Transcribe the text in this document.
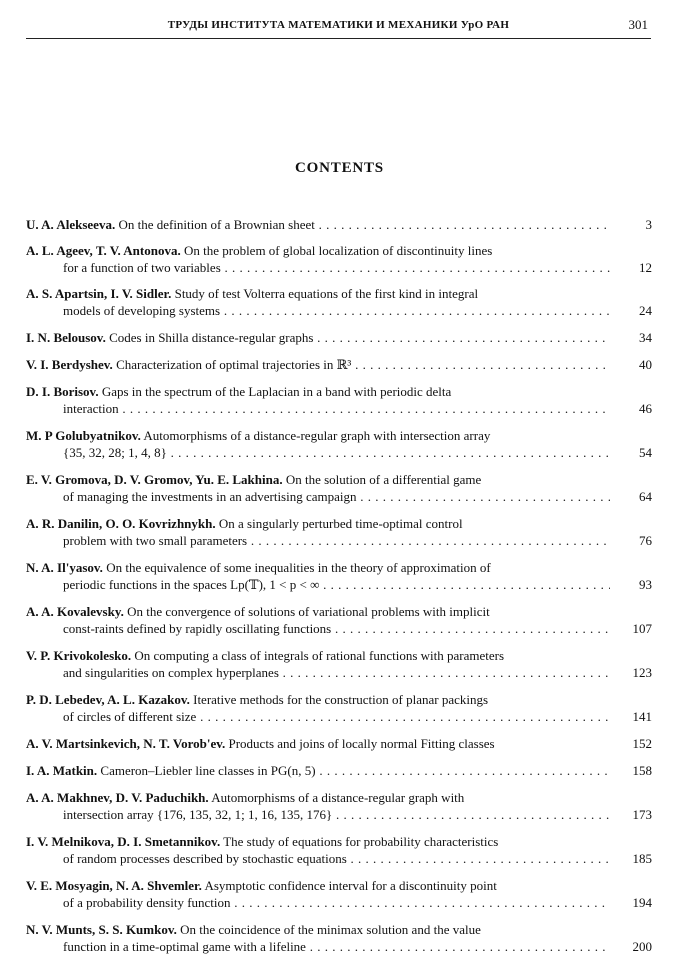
ТРУДЫ ИНСТИТУТА МАТЕМАТИКИ И МЕХАНИКИ УрО РАН	301
CONTENTS
U. A. Alekseeva. On the definition of a Brownian sheet . . .	3
A. L. Ageev, T. V. Antonova. On the problem of global localization of discontinuity lines
for a function of two variables . . .	12
A. S. Apartsin, I. V. Sidler. Study of test Volterra equations of the first kind in integral
models of developing systems . . .	24
I. N. Belousov. Codes in Shilla distance-regular graphs . . .	34
V. I. Berdyshev. Characterization of optimal trajectories in ℝ³ . . .	40
D. I. Borisov. Gaps in the spectrum of the Laplacian in a band with periodic delta
interaction . . .	46
M. P Golubyatnikov. Automorphisms of a distance-regular graph with intersection array
{35, 32, 28; 1, 4, 8} . . .	54
E. V. Gromova, D. V. Gromov, Yu. E. Lakhina. On the solution of a differential game
of managing the investments in an advertising campaign . . .	64
A. R. Danilin, O. O. Kovrizhnykh. On a singularly perturbed time-optimal control
problem with two small parameters . . .	76
N. A. Il'yasov. On the equivalence of some inequalities in the theory of approximation of
periodic functions in the spaces Lp(𝕋), 1 < p < ∞ . . .	93
A. A. Kovalevsky. On the convergence of solutions of variational problems with implicit
const-raints defined by rapidly oscillating functions . . .	107
V. P. Krivokolesko. On computing a class of integrals of rational functions with parameters
and singularities on complex hyperplanes . . .	123
P. D. Lebedev, A. L. Kazakov. Iterative methods for the construction of planar packings
of circles of different size . . .	141
A. V. Martsinkevich, N. T. Vorob'ev. Products and joins of locally normal Fitting classes	152
I. A. Matkin. Cameron–Liebler line classes in PG(n, 5) . . .	158
A. A. Makhnev, D. V. Paduchikh. Automorphisms of a distance-regular graph with
intersection array {176, 135, 32, 1; 1, 16, 135, 176} . . .	173
I. V. Melnikova, D. I. Smetannikov. The study of equations for probability characteristics
of random processes described by stochastic equations . . .	185
V. E. Mosyagin, N. A. Shvemler. Asymptotic confidence interval for a discontinuity point
of a probability density function . . .	194
N. V. Munts, S. S. Kumkov. On the coincidence of the minimax solution and the value
function in a time-optimal game with a lifeline . . .	200
